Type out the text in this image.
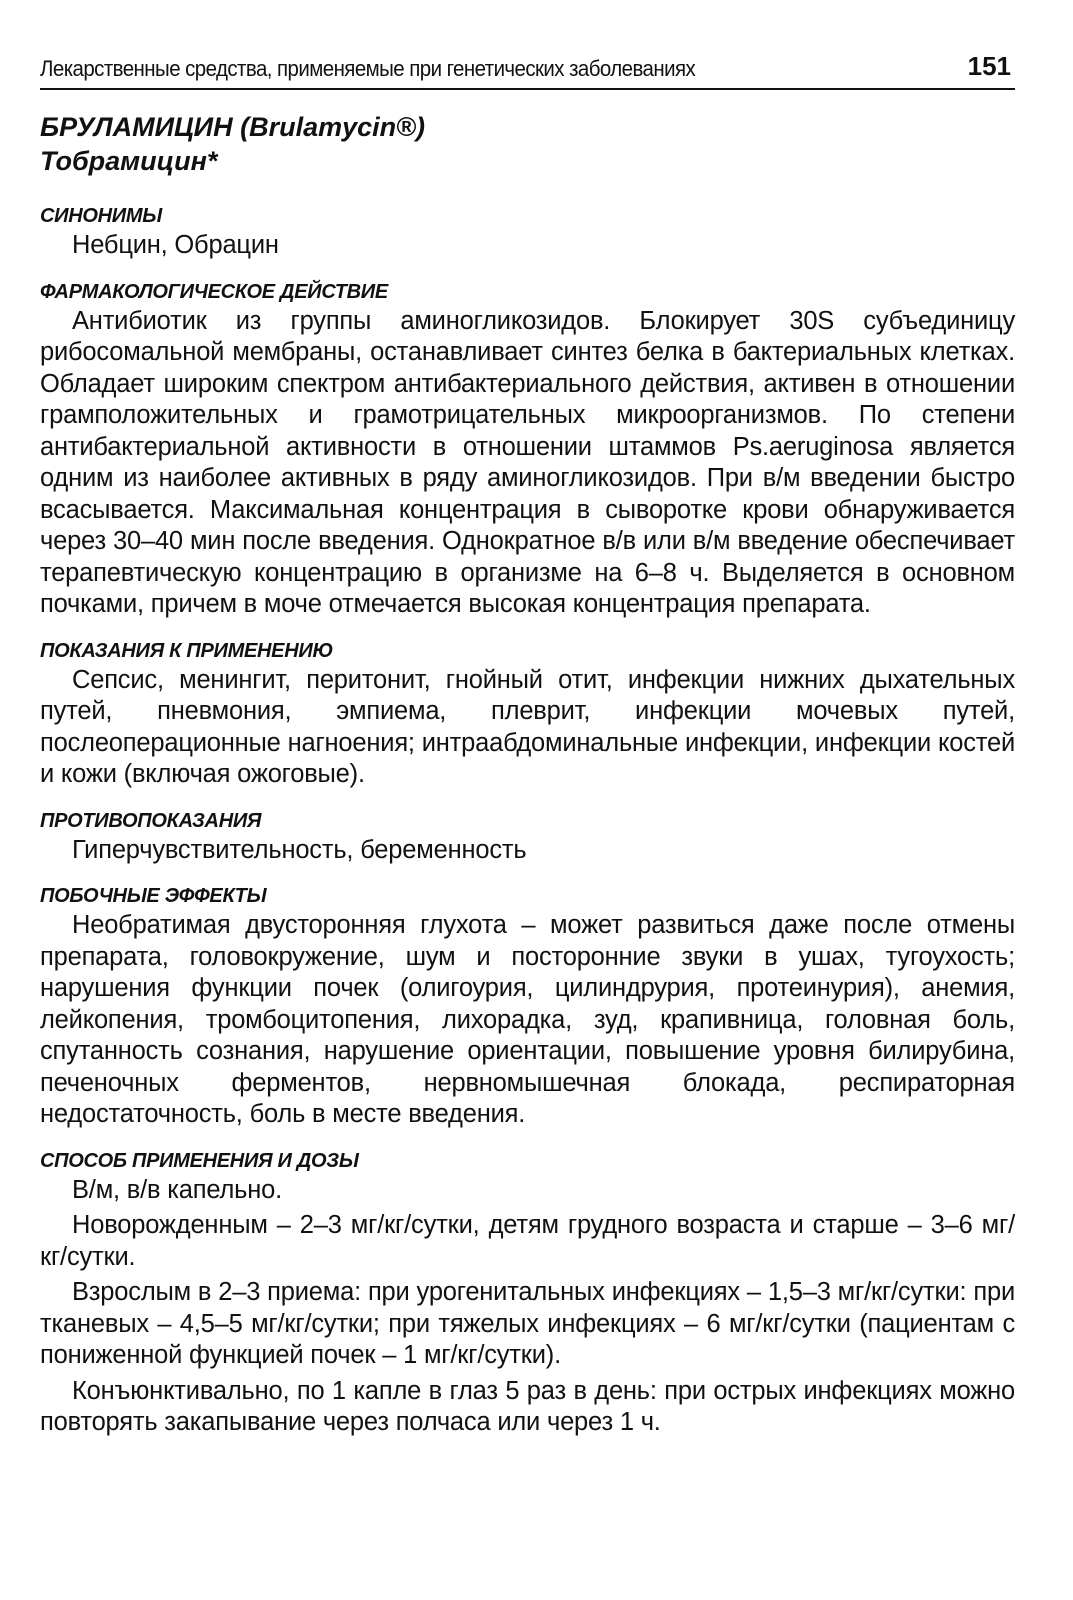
Лекарственные средства, применяемые при генетических заболеваниях	151
БРУЛАМИЦИН (Brulamycin®)
Тобрамицин*
СИНОНИМЫ

Небцин, Обрацин

ФАРМАКОЛОГИЧЕСКОЕ ДЕЙСТВИЕ

Антибиотик из группы аминогликозидов. Блокирует 30S субъединицу рибосомальной мембраны, останавливает синтез белка в бактериальных клетках. Обладает широким спектром антибактериального действия, активен в отношении грамположительных и грамотрицательных микроорганизмов. По степени антибактериальной активности в отношении штаммов Ps.aeruginosa является одним из наиболее активных в ряду аминогликозидов. При в/м введении быстро всасывается. Максимальная концентрация в сыворотке крови обнаруживается через 30–40 мин после введения. Однократное в/в или в/м введение обеспечивает терапевтическую концентрацию в организме на 6–8 ч. Выделяется в основном почками, причем в моче отмечается высокая концентрация препарата.

ПОКАЗАНИЯ К ПРИМЕНЕНИЮ

Сепсис, менингит, перитонит, гнойный отит, инфекции нижних дыхательных путей, пневмония, эмпиема, плеврит, инфекции мочевых путей, послеоперационные нагноения; интраабдоминальные инфекции, инфекции костей и кожи (включая ожоговые).

ПРОТИВОПОКАЗАНИЯ

Гиперчувствительность, беременность

ПОБОЧНЫЕ ЭФФЕКТЫ

Необратимая двусторонняя глухота – может развиться даже после отмены препарата, головокружение, шум и посторонние звуки в ушах, тугоухость; нарушения функции почек (олигоурия, цилиндрурия, протеинурия), анемия, лейкопения, тромбоцитопения, лихорадка, зуд, крапивница, головная боль, спутанность сознания, нарушение ориентации, повышение уровня билирубина, печеночных ферментов, нервномышечная блокада, респираторная недостаточность, боль в месте введения.

СПОСОБ ПРИМЕНЕНИЯ И ДОЗЫ

В/м, в/в капельно.

Новорожденным – 2–3 мг/кг/сутки, детям грудного возраста и старше – 3–6 мг/кг/сутки.

Взрослым в 2–3 приема: при урогенитальных инфекциях – 1,5–3 мг/кг/сутки: при тканевых – 4,5–5 мг/кг/сутки; при тяжелых инфекциях – 6 мг/кг/сутки (пациентам с пониженной функцией почек – 1 мг/кг/сутки).

Конъюнктивально, по 1 капле в глаз 5 раз в день: при острых инфекциях можно повторять закапывание через полчаса или через 1 ч.
